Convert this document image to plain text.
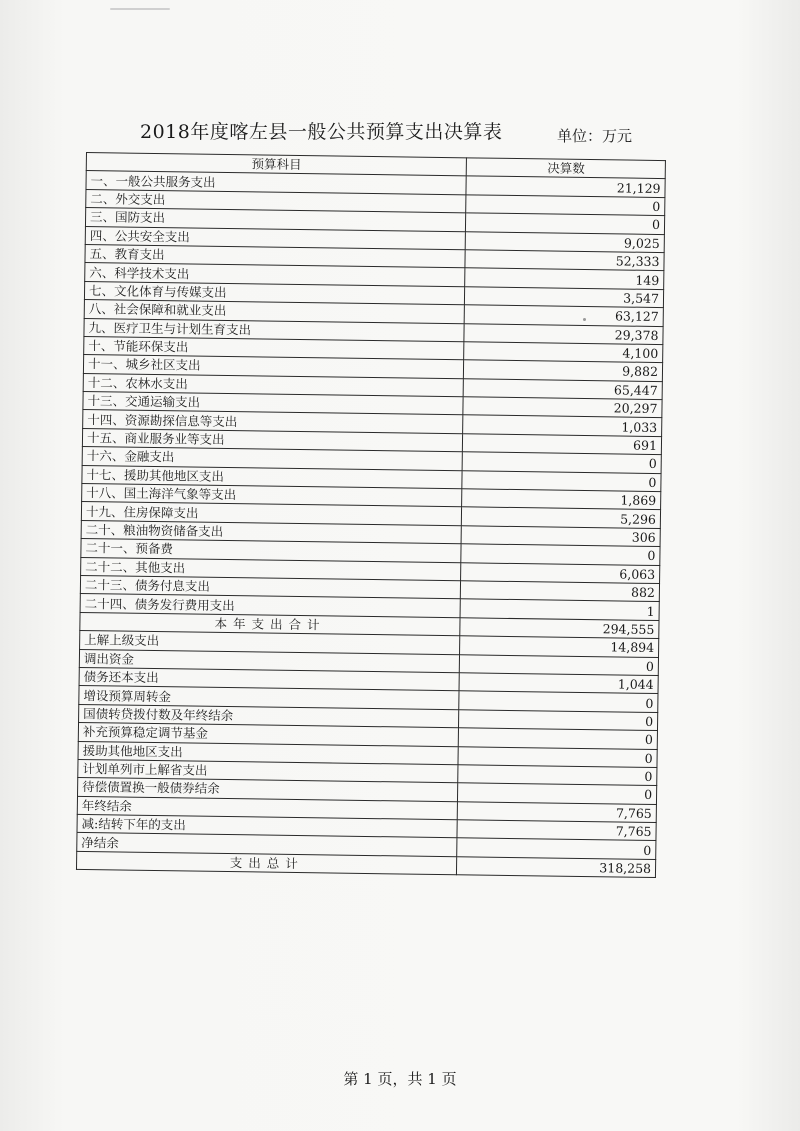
2018年度喀左县一般公共预算支出决算表	单位：万元
预算科目	决算数
一、一般公共服务支出	21,129
二、外交支出	0
三、国防支出	0
四、公共安全支出	9,025
五、教育支出	52,333
六、科学技术支出	149
七、文化体育与传媒支出	3,547
八、社会保障和就业支出	63,127
九、医疗卫生与计划生育支出	29,378
十、节能环保支出	4,100
十一、城乡社区支出	9,882
十二、农林水支出	65,447
十三、交通运输支出	20,297
十四、资源勘探信息等支出	1,033
十五、商业服务业等支出	691
十六、金融支出	0
十七、援助其他地区支出	0
十八、国土海洋气象等支出	1,869
十九、住房保障支出	5,296
二十、粮油物资储备支出	306
二十一、预备费	0
二十二、其他支出	6,063
二十三、债务付息支出	882
二十四、债务发行费用支出	1
本年支出合计	294,555
上解上级支出	14,894
调出资金	0
债务还本支出	1,044
增设预算周转金	0
国债转贷拨付数及年终结余	0
补充预算稳定调节基金	0
援助其他地区支出	0
计划单列市上解省支出	0
待偿债置换一般债券结余	0
年终结余	7,765
减:结转下年的支出	7,765
净结余	0
支出总计	318,258
第 1 页，共 1 页
